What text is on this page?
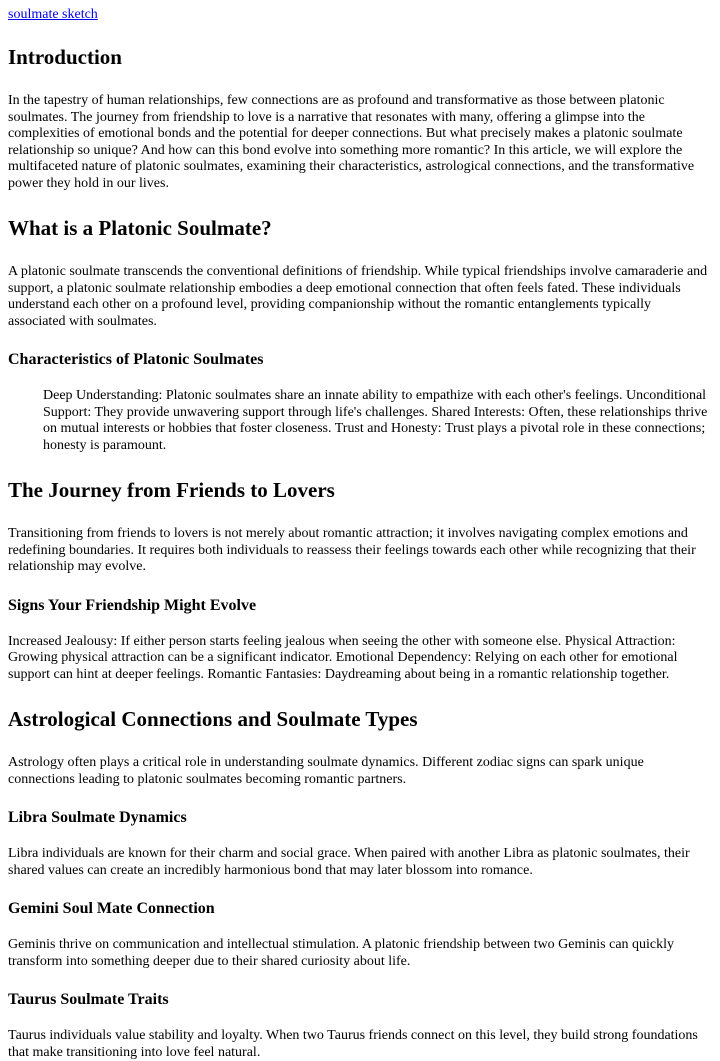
soulmate sketch
Introduction

In the tapestry of human relationships, few connections are as profound and transformative as those between platonic soulmates. The journey from friendship to love is a narrative that resonates with many, offering a glimpse into the complexities of emotional bonds and the potential for deeper connections. But what precisely makes a platonic soulmate relationship so unique? And how can this bond evolve into something more romantic? In this article, we will explore the multifaceted nature of platonic soulmates, examining their characteristics, astrological connections, and the transformative power they hold in our lives.

What is a Platonic Soulmate?

A platonic soulmate transcends the conventional definitions of friendship. While typical friendships involve camaraderie and support, a platonic soulmate relationship embodies a deep emotional connection that often feels fated. These individuals understand each other on a profound level, providing companionship without the romantic entanglements typically associated with soulmates.

Characteristics of Platonic Soulmates
Deep Understanding: Platonic soulmates share an innate ability to empathize with each other's feelings. Unconditional Support: They provide unwavering support through life's challenges. Shared Interests: Often, these relationships thrive on mutual interests or hobbies that foster closeness. Trust and Honesty: Trust plays a pivotal role in these connections; honesty is paramount.
The Journey from Friends to Lovers

Transitioning from friends to lovers is not merely about romantic attraction; it involves navigating complex emotions and redefining boundaries. It requires both individuals to reassess their feelings towards each other while recognizing that their relationship may evolve.

Signs Your Friendship Might Evolve

Increased Jealousy: If either person starts feeling jealous when seeing the other with someone else. Physical Attraction: Growing physical attraction can be a significant indicator. Emotional Dependency: Relying on each other for emotional support can hint at deeper feelings. Romantic Fantasies: Daydreaming about being in a romantic relationship together.

Astrological Connections and Soulmate Types

Astrology often plays a critical role in understanding soulmate dynamics. Different zodiac signs can spark unique connections leading to platonic soulmates becoming romantic partners.

Libra Soulmate Dynamics

Libra individuals are known for their charm and social grace. When paired with another Libra as platonic soulmates, their shared values can create an incredibly harmonious bond that may later blossom into romance.

Gemini Soul Mate Connection

Geminis thrive on communication and intellectual stimulation. A platonic friendship between two Geminis can quickly transform into something deeper due to their shared curiosity about life.

Taurus Soulmate Traits

Taurus individuals value stability and loyalty. When two Taurus friends connect on this level, they build strong foundations that make transitioning into love feel natural.
